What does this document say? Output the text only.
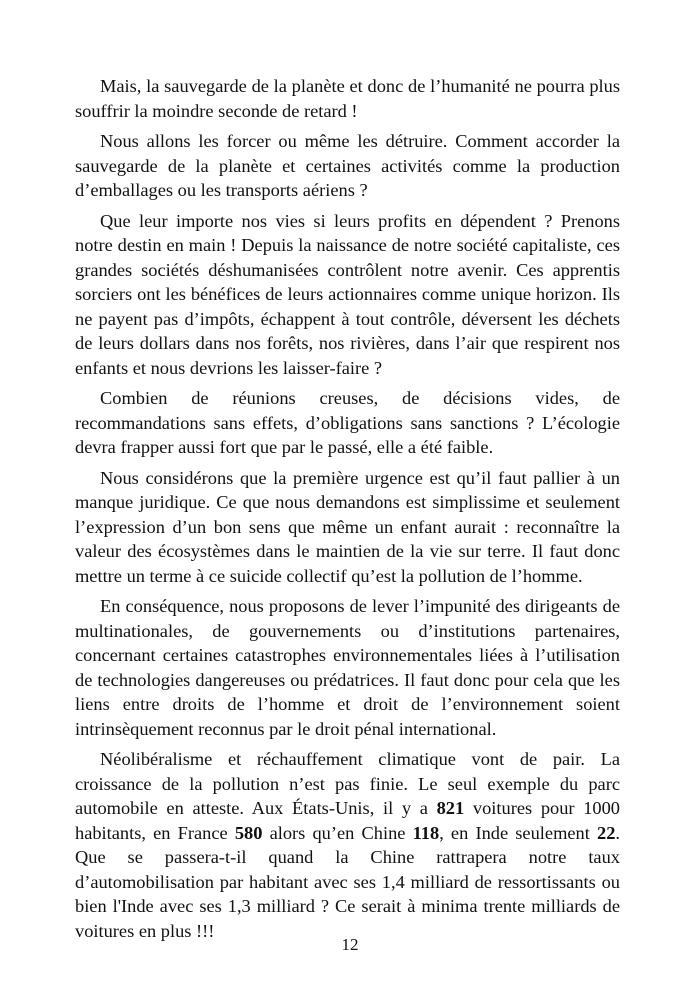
Mais, la sauvegarde de la planète et donc de l’humanité ne pourra plus souffrir la moindre seconde de retard !

Nous allons les forcer ou même les détruire. Comment accorder la sauvegarde de la planète et certaines activités comme la production d’emballages ou les transports aériens ?

Que leur importe nos vies si leurs profits en dépendent ? Prenons notre destin en main ! Depuis la naissance de notre société capitaliste, ces grandes sociétés déshumanisées contrôlent notre avenir. Ces apprentis sorciers ont les bénéfices de leurs actionnaires comme unique horizon. Ils ne payent pas d’impôts, échappent à tout contrôle, déversent les déchets de leurs dollars dans nos forêts, nos rivières, dans l’air que respirent nos enfants et nous devrions les laisser-faire ?

Combien de réunions creuses, de décisions vides, de recommandations sans effets, d’obligations sans sanctions ? L’écologie devra frapper aussi fort que par le passé, elle a été faible.

Nous considérons que la première urgence est qu’il faut pallier à un manque juridique. Ce que nous demandons est simplissime et seulement l’expression d’un bon sens que même un enfant aurait : reconnaître la valeur des écosystèmes dans le maintien de la vie sur terre. Il faut donc mettre un terme à ce suicide collectif qu’est la pollution de l’homme.

En conséquence, nous proposons de lever l’impunité des dirigeants de multinationales, de gouvernements ou d’institutions partenaires, concernant certaines catastrophes environnementales liées à l’utilisation de technologies dangereuses ou prédatrices. Il faut donc pour cela que les liens entre droits de l’homme et droit de l’environnement soient intrinsèquement reconnus par le droit pénal international.

Néolibéralisme et réchauffement climatique vont de pair. La croissance de la pollution n’est pas finie. Le seul exemple du parc automobile en atteste. Aux États-Unis, il y a 821 voitures pour 1000 habitants, en France 580 alors qu’en Chine 118, en Inde seulement 22. Que se passera-t-il quand la Chine rattrapera notre taux d’automobilisation par habitant avec ses 1,4 milliard de ressortissants ou bien l'Inde avec ses 1,3 milliard ? Ce serait à minima trente milliards de voitures en plus !!!

12
